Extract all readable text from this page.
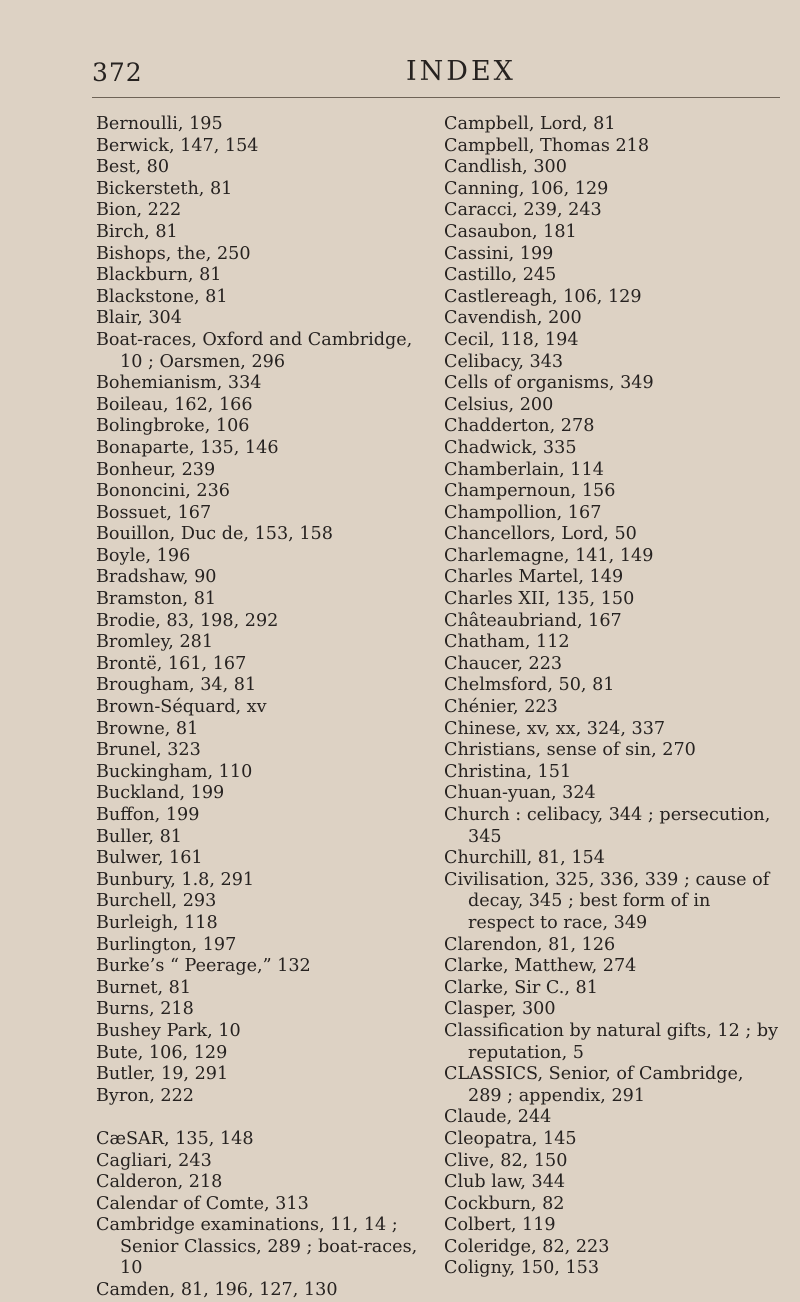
372	INDEX
Bernoulli, 195
Berwick, 147, 154
Best, 80
Bickersteth, 81
Bion, 222
Birch, 81
Bishops, the, 250
Blackburn, 81
Blackstone, 81
Blair, 304
Boat-races, Oxford and Cambridge, 10 ; Oarsmen, 296
Bohemianism, 334
Boileau, 162, 166
Bolingbroke, 106
Bonaparte, 135, 146
Bonheur, 239
Bononcini, 236
Bossuet, 167
Bouillon, Duc de, 153, 158
Boyle, 196
Bradshaw, 90
Bramston, 81
Brodie, 83, 198, 292
Bromley, 281
Brontë, 161, 167
Brougham, 34, 81
Brown-Séquard, xv
Browne, 81
Brunel, 323
Buckingham, 110
Buckland, 199
Buffon, 199
Buller, 81
Bulwer, 161
Bunbury, 1.8, 291
Burchell, 293
Burleigh, 118
Burlington, 197
Burke’s “ Peerage,” 132
Burnet, 81
Burns, 218
Bushey Park, 10
Bute, 106, 129
Butler, 19, 291
Byron, 222
CæSAR, 135, 148
Cagliari, 243
Calderon, 218
Calendar of Comte, 313
Cambridge examinations, 11, 14 ; Senior Classics, 289 ; boat-races, 10
Camden, 81, 196, 127, 130
Campbell, Lord, 81
Campbell, Thomas 218
Candlish, 300
Canning, 106, 129
Caracci, 239, 243
Casaubon, 181
Cassini, 199
Castillo, 245
Castlereagh, 106, 129
Cavendish, 200
Cecil, 118, 194
Celibacy, 343
Cells of organisms, 349
Celsius, 200
Chadderton, 278
Chadwick, 335
Chamberlain, 114
Champernoun, 156
Champollion, 167
Chancellors, Lord, 50
Charlemagne, 141, 149
Charles Martel, 149
Charles XII, 135, 150
Châteaubriand, 167
Chatham, 112
Chaucer, 223
Chelmsford, 50, 81
Chénier, 223
Chinese, xv, xx, 324, 337
Christians, sense of sin, 270
Christina, 151
Chuan-yuan, 324
Church : celibacy, 344 ; persecution, 345
Churchill, 81, 154
Civilisation, 325, 336, 339 ; cause of decay, 345 ; best form of in respect to race, 349
Clarendon, 81, 126
Clarke, Matthew, 274
Clarke, Sir C., 81
Clasper, 300
Classification by natural gifts, 12 ; by reputation, 5
CLASSICS, Senior, of Cambridge, 289 ; appendix, 291
Claude, 244
Cleopatra, 145
Clive, 82, 150
Club law, 344
Cockburn, 82
Colbert, 119
Coleridge, 82, 223
Coligny, 150, 153
